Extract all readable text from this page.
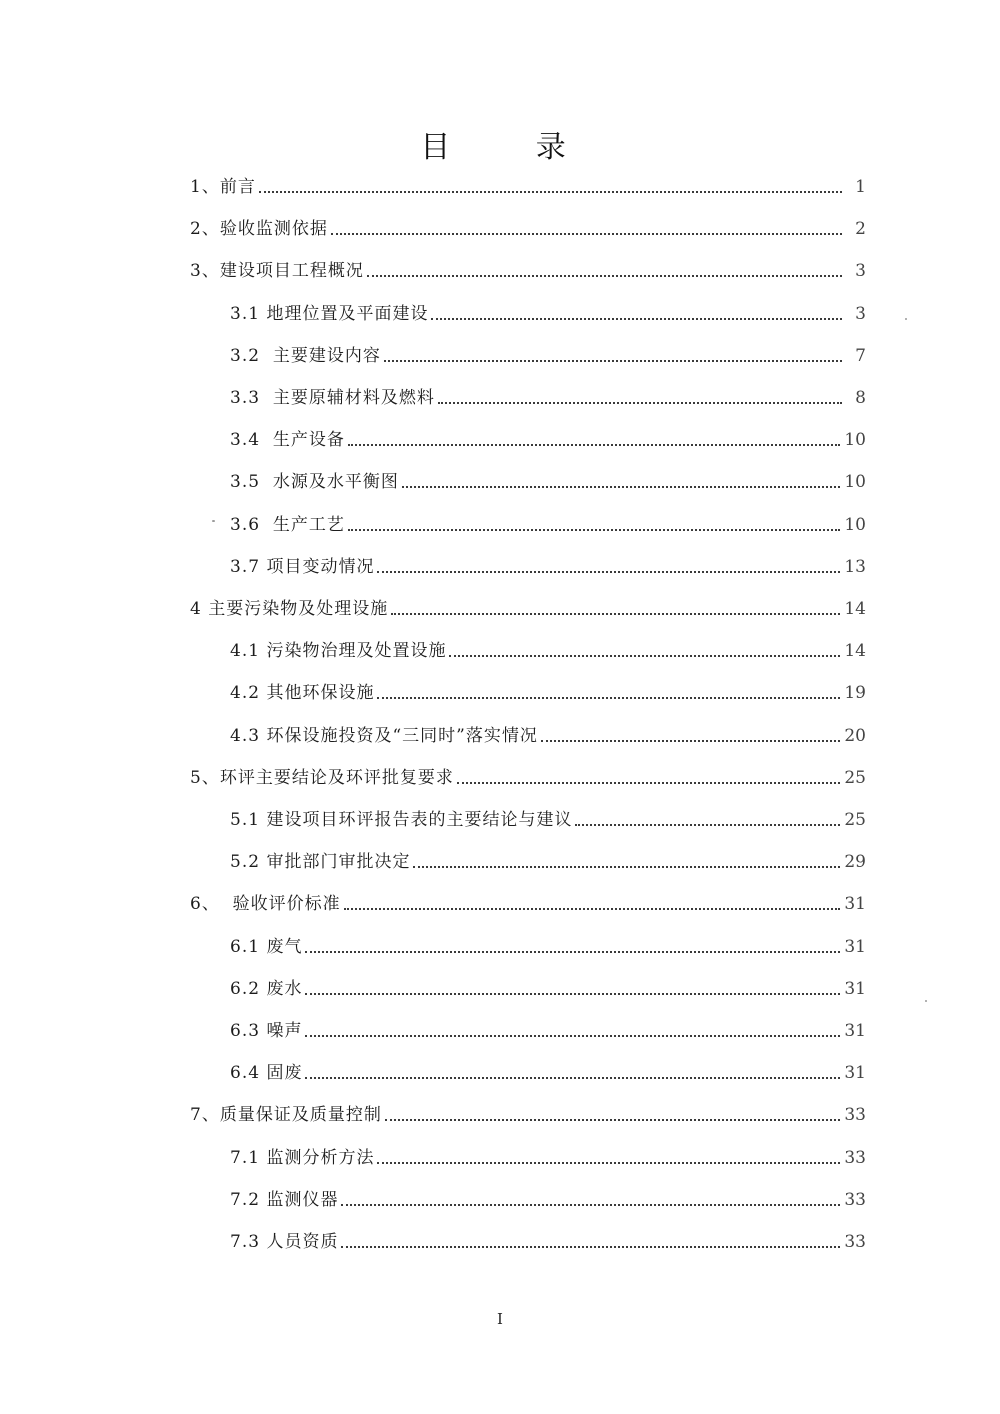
目 录
1、前言	1
2、验收监测依据	2
3、建设项目工程概况	3
3.1 地理位置及平面建设	3
3.2  主要建设内容	7
3.3  主要原辅材料及燃料	8
3.4  生产设备	10
3.5  水源及水平衡图	10
3.6  生产工艺	10
3.7 项目变动情况	13
4 主要污染物及处理设施	14
4.1 污染物治理及处置设施	14
4.2 其他环保设施	19
4.3 环保设施投资及“三同时”落实情况	20
5、环评主要结论及环评批复要求	25
5.1 建设项目环评报告表的主要结论与建议	25
5.2 审批部门审批决定	29
6、  验收评价标准	31
6.1 废气	31
6.2 废水	31
6.3 噪声	31
6.4 固废	31
7、质量保证及质量控制	33
7.1 监测分析方法	33
7.2 监测仪器	33
7.3 人员资质	33
I
